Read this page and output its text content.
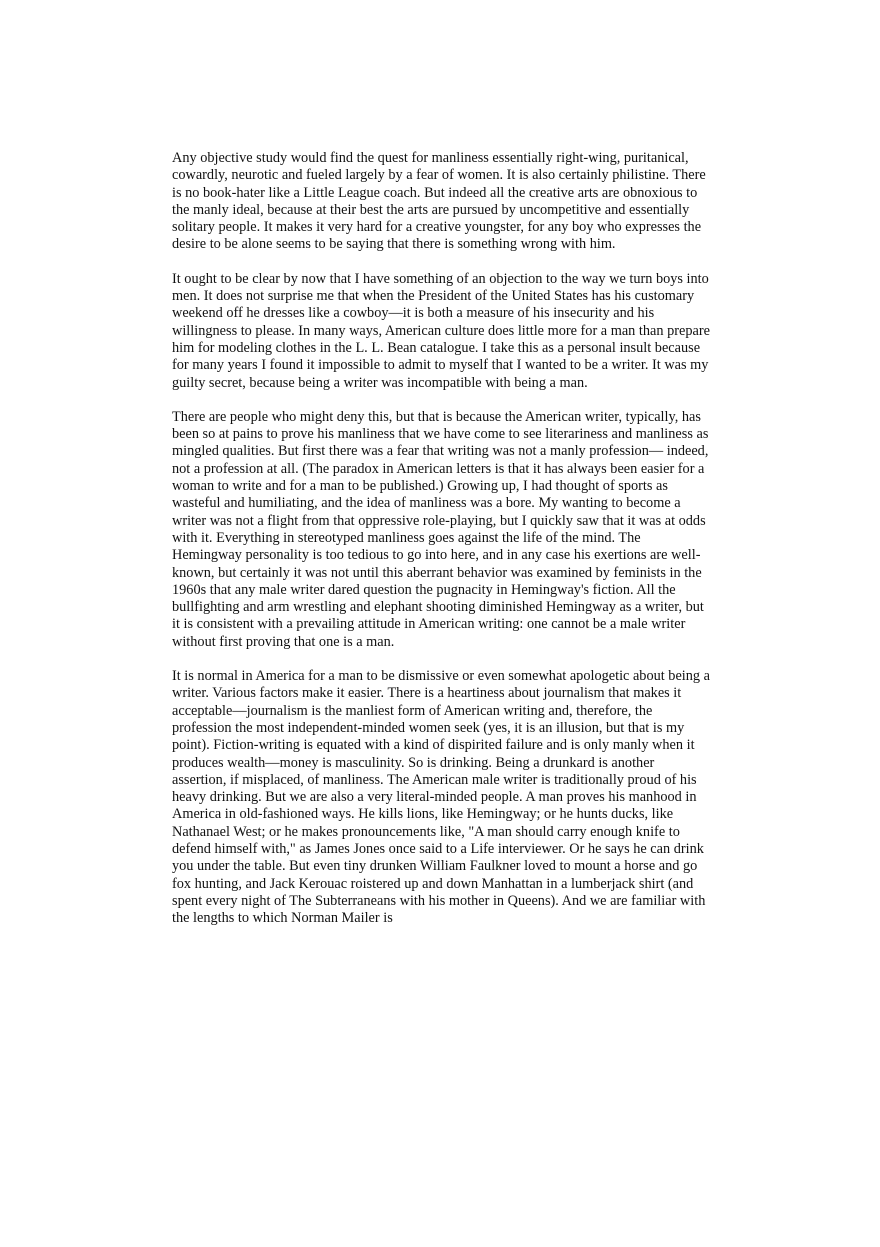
Any objective study would find the quest for manliness essentially right-wing, puritanical, cowardly, neurotic and fueled largely by a fear of women. It is also certainly philistine. There is no book-hater like a Little League coach. But indeed all the creative arts are obnoxious to the manly ideal, because at their best the arts are pursued by uncompetitive and essentially solitary people. It makes it very hard for a creative youngster, for any boy who expresses the desire to be alone seems to be saying that there is something wrong with him.

It ought to be clear by now that I have something of an objection to the way we turn boys into men. It does not surprise me that when the President of the United States has his customary weekend off he dresses like a cowboy—it is both a measure of his insecurity and his willingness to please. In many ways, American culture does little more for a man than prepare him for modeling clothes in the L. L. Bean catalogue. I take this as a personal insult because for many years I found it impossible to admit to myself that I wanted to be a writer. It was my guilty secret, because being a writer was incompatible with being a man.

There are people who might deny this, but that is because the American writer, typically, has been so at pains to prove his manliness that we have come to see literariness and manliness as mingled qualities. But first there was a fear that writing was not a manly profession— indeed, not a profession at all. (The paradox in American letters is that it has always been easier for a woman to write and for a man to be published.) Growing up, I had thought of sports as wasteful and humiliating, and the idea of manliness was a bore. My wanting to become a writer was not a flight from that oppressive role-playing, but I quickly saw that it was at odds with it. Everything in stereotyped manliness goes against the life of the mind. The Hemingway personality is too tedious to go into here, and in any case his exertions are well-known, but certainly it was not until this aberrant behavior was examined by feminists in the 1960s that any male writer dared question the pugnacity in Hemingway's fiction. All the bullfighting and arm wrestling and elephant shooting diminished Hemingway as a writer, but it is consistent with a prevailing attitude in American writing: one cannot be a male writer without first proving that one is a man.

It is normal in America for a man to be dismissive or even somewhat apologetic about being a writer. Various factors make it easier. There is a heartiness about journalism that makes it acceptable—journalism is the manliest form of American writing and, therefore, the profession the most independent-minded women seek (yes, it is an illusion, but that is my point). Fiction-writing is equated with a kind of dispirited failure and is only manly when it produces wealth—money is masculinity. So is drinking. Being a drunkard is another assertion, if misplaced, of manliness. The American male writer is traditionally proud of his heavy drinking. But we are also a very literal-minded people. A man proves his manhood in America in old-fashioned ways. He kills lions, like Hemingway; or he hunts ducks, like Nathanael West; or he makes pronouncements like, "A man should carry enough knife to defend himself with," as James Jones once said to a Life interviewer. Or he says he can drink you under the table. But even tiny drunken William Faulkner loved to mount a horse and go fox hunting, and Jack Kerouac roistered up and down Manhattan in a lumberjack shirt (and spent every night of The Subterraneans with his mother in Queens). And we are familiar with the lengths to which Norman Mailer is
